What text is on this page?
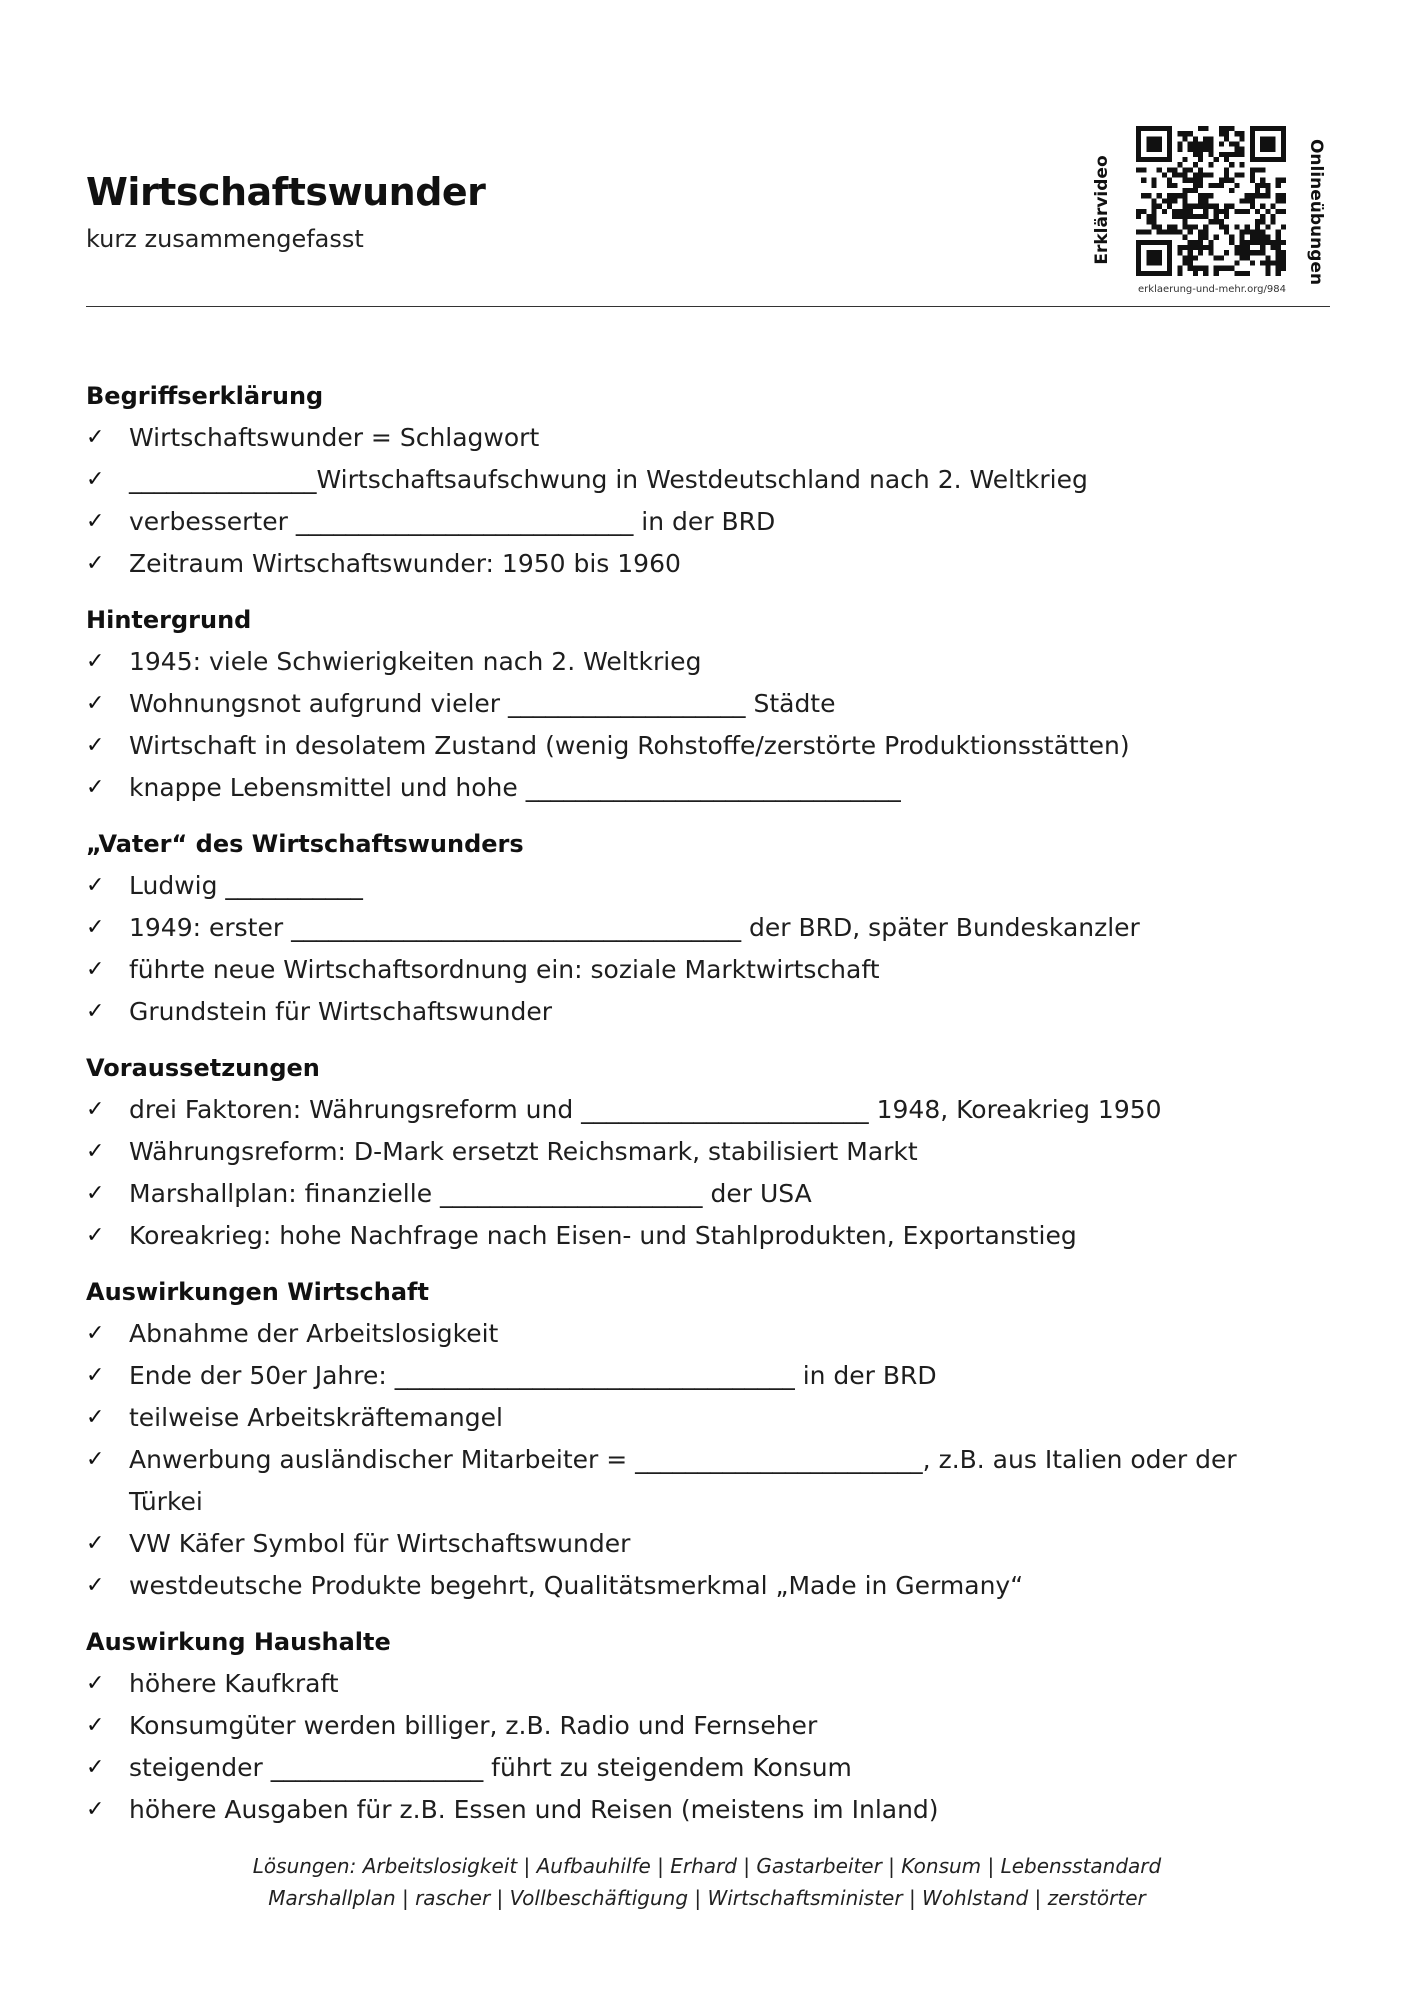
Wirtschaftswunder
kurz zusammengefasst	Erklärvideo	Onlineübungen
erklaerung-und-mehr.org/984
Begriffserklärung
✓ Wirtschaftswunder = Schlagwort
✓ _______________Wirtschaftsaufschwung in Westdeutschland nach 2. Weltkrieg
✓ verbesserter ___________________________ in der BRD
✓ Zeitraum Wirtschaftswunder: 1950 bis 1960
Hintergrund
✓ 1945: viele Schwierigkeiten nach 2. Weltkrieg
✓ Wohnungsnot aufgrund vieler ___________________ Städte
✓ Wirtschaft in desolatem Zustand (wenig Rohstoffe/zerstörte Produktionsstätten)
✓ knappe Lebensmittel und hohe ______________________________
„Vater“ des Wirtschaftswunders
✓ Ludwig ___________
✓ 1949: erster ____________________________________ der BRD, später Bundeskanzler
✓ führte neue Wirtschaftsordnung ein: soziale Marktwirtschaft
✓ Grundstein für Wirtschaftswunder
Voraussetzungen
✓ drei Faktoren: Währungsreform und _______________________ 1948, Koreakrieg 1950
✓ Währungsreform: D-Mark ersetzt Reichsmark, stabilisiert Markt
✓ Marshallplan: finanzielle _____________________ der USA
✓ Koreakrieg: hohe Nachfrage nach Eisen- und Stahlprodukten, Exportanstieg
Auswirkungen Wirtschaft
✓ Abnahme der Arbeitslosigkeit
✓ Ende der 50er Jahre: ________________________________ in der BRD
✓ teilweise Arbeitskräftemangel
✓ Anwerbung ausländischer Mitarbeiter = _______________________, z.B. aus Italien oder der
Türkei
✓ VW Käfer Symbol für Wirtschaftswunder
✓ westdeutsche Produkte begehrt, Qualitätsmerkmal „Made in Germany“
Auswirkung Haushalte
✓ höhere Kaufkraft
✓ Konsumgüter werden billiger, z.B. Radio und Fernseher
✓ steigender _________________ führt zu steigendem Konsum
✓ höhere Ausgaben für z.B. Essen und Reisen (meistens im Inland)
Lösungen: Arbeitslosigkeit | Aufbauhilfe | Erhard | Gastarbeiter | Konsum | Lebensstandard
Marshallplan | rascher | Vollbeschäftigung | Wirtschaftsminister | Wohlstand | zerstörter
